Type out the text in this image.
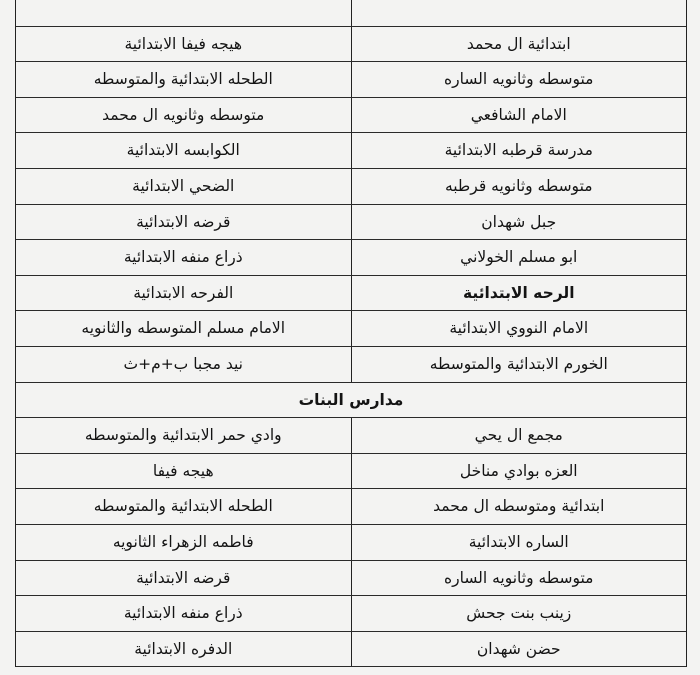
ابتدائية ال محمد
هيجه فيفا الابتدائية
متوسطه وثانويه الساره
الطحله الابتدائية والمتوسطه
الامام الشافعي
متوسطه وثانويه ال محمد
مدرسة قرطبه الابتدائية
الكوابسه الابتدائية
متوسطه وثانويه قرطبه
الضحي الابتدائية
جبل شهدان
قرضه الابتدائية
ابو مسلم الخولاني
ذراع منفه الابتدائية
الرحه الابتدائية
الفرحه الابتدائية
الامام النووي الابتدائية
الامام مسلم المتوسطه والثانويه
الخورم الابتدائية والمتوسطه
نيد مجبا ب+م+ث
مدارس البنات
مجمع ال يحي
وادي حمر الابتدائية والمتوسطه
العزه بوادي مناخل
هيجه فيفا
ابتدائية ومتوسطه ال محمد
الطحله الابتدائية والمتوسطه
الساره الابتدائية
فاطمه الزهراء الثانويه
متوسطه وثانويه الساره
قرضه الابتدائية
زينب بنت جحش
ذراع منفه الابتدائية
حضن شهدان
الدفره الابتدائية
